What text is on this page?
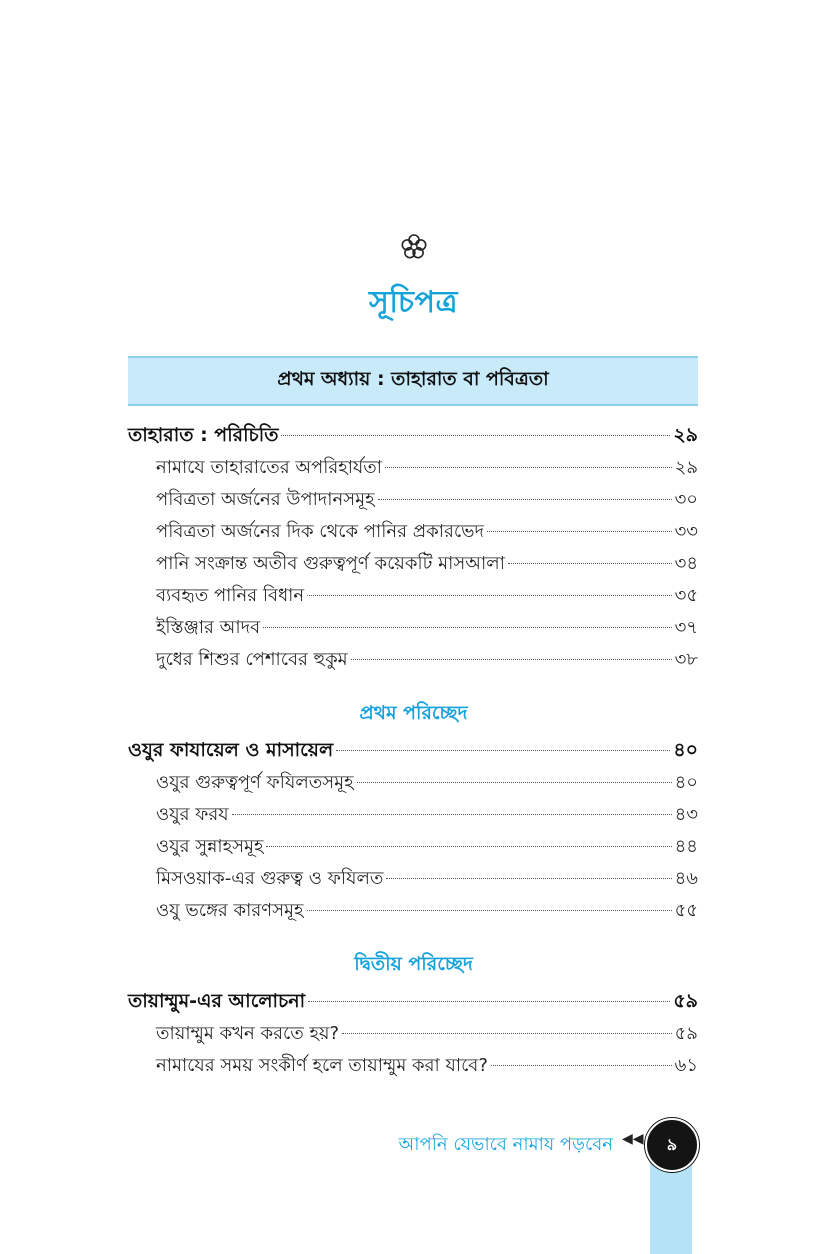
সূচিপত্র
প্রথম অধ্যায় : তাহারাত বা পবিত্রতা
তাহারাত : পরিচিতি	২৯
নামাযে তাহারাতের অপরিহার্যতা	২৯
পবিত্রতা অর্জনের উপাদানসমূহ	৩০
পবিত্রতা অর্জনের দিক থেকে পানির প্রকারভেদ	৩৩
পানি সংক্রান্ত অতীব গুরুত্বপূর্ণ কয়েকটি মাসআলা	৩৪
ব্যবহৃত পানির বিধান	৩৫
ইস্তিঞ্জার আদব	৩৭
দুধের শিশুর পেশাবের হুকুম	৩৮
প্রথম পরিচ্ছেদ
ওযুর ফাযায়েল ও মাসায়েল	৪০
ওযুর গুরুত্বপূর্ণ ফযিলতসমূহ	৪০
ওযুর ফরয	৪৩
ওযুর সুন্নাহসমূহ	৪৪
মিসওয়াক-এর গুরুত্ব ও ফযিলত	৪৬
ওযু ভঙ্গের কারণসমূহ	৫৫
দ্বিতীয় পরিচ্ছেদ
তায়াম্মুম-এর আলোচনা	৫৯
তায়াম্মুম কখন করতে হয়?	৫৯
নামাযের সময় সংকীর্ণ হলে তায়াম্মুম করা যাবে?	৬১
আপনি যেভাবে নামায পড়বেন ◀◀ ৯
